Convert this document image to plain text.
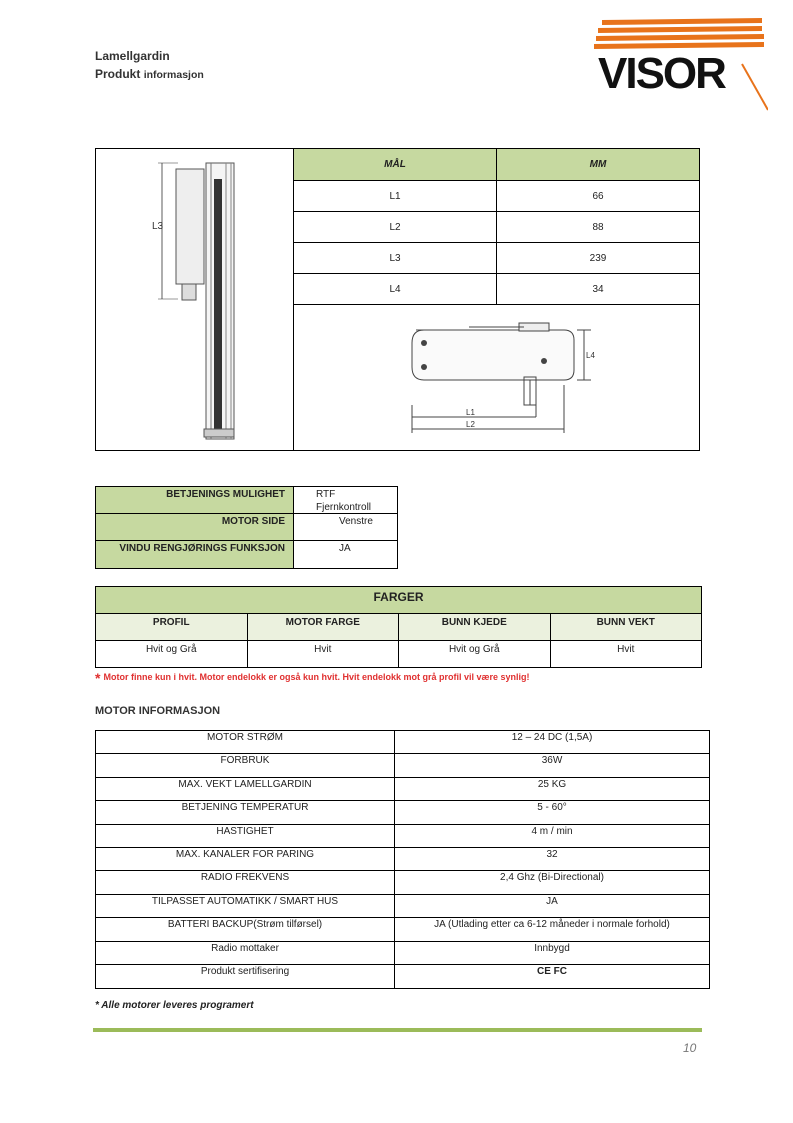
Lamellgardin
Produkt informasjon	VISOR
L3
MÅL	MM
L1	66
L2	88
L3	239
L4	34
L4
L1
L2
BETJENINGS MULIGHET	RTF
Fjernkontroll
MOTOR SIDE	Venstre
VINDU RENGJØRINGS FUNKSJON	JA
FARGER
PROFIL	MOTOR FARGE	BUNN KJEDE	BUNN VEKT
Hvit og Grå	Hvit	Hvit og Grå	Hvit
* Motor finne kun i hvit. Motor endelokk er også kun hvit. Hvit endelokk mot grå profil vil være synlig!
MOTOR INFORMASJON
MOTOR STRØM	12 – 24 DC (1,5A)
FORBRUK	36W
MAX. VEKT LAMELLGARDIN	25 KG
BETJENING TEMPERATUR	5 - 60°
HASTIGHET	4 m / min
MAX. KANALER FOR PARING	32
RADIO FREKVENS	2,4 Ghz (Bi-Directional)
TILPASSET AUTOMATIKK / SMART HUS	JA
BATTERI BACKUP(Strøm tilførsel)	JA (Utlading etter ca 6-12 måneder i normale forhold)
Radio mottaker	Innbygd
Produkt sertifisering	CE FC
* Alle motorer leveres programert
10
